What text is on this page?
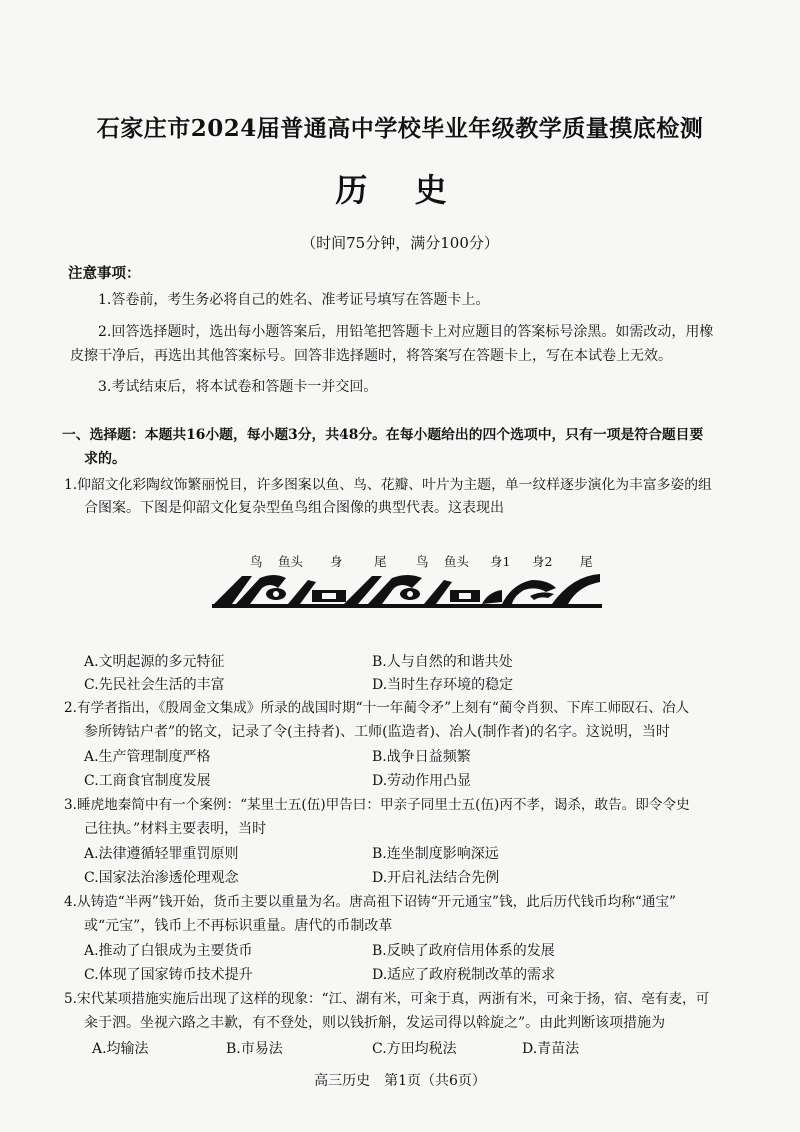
石家庄市2024届普通高中学校毕业年级教学质量摸底检测
历 史
（时间75分钟，满分100分）
注意事项：
1.答卷前，考生务必将自己的姓名、准考证号填写在答题卡上。
2.回答选择题时，选出每小题答案后，用铅笔把答题卡上对应题目的答案标号涂黑。如需改动，用橡
皮擦干净后，再选出其他答案标号。回答非选择题时，将答案写在答题卡上，写在本试卷上无效。
3.考试结束后，将本试卷和答题卡一并交回。
一、选择题：本题共16小题，每小题3分，共48分。在每小题给出的四个选项中，只有一项是符合题目要
求的。
1.仰韶文化彩陶纹饰繁丽悦目，许多图案以鱼、鸟、花瓣、叶片为主题，单一纹样逐步演化为丰富多姿的组
合图案。下图是仰韶文化复杂型鱼鸟组合图像的典型代表。这表现出
鸟 鱼头 身	尾 鸟 鱼头 身1 身2 尾
A.文明起源的多元特征	B.人与自然的和谐共处
C.先民社会生活的丰富	D.当时生存环境的稳定
2.有学者指出，《殷周金文集成》所录的战国时期“十一年蔺令矛”上刻有“蔺令肖狈、下库工师臤石、冶人
参所铸钴户者”的铭文，记录了令(主持者)、工师(监造者)、冶人(制作者)的名字。这说明，当时
A.生产管理制度严格	B.战争日益频繁
C.工商食官制度发展	D.劳动作用凸显
3.睡虎地秦简中有一个案例：“某里士五(伍)甲告曰：甲亲子同里士五(伍)丙不孝，谒杀，敢告。即令令史
己往执。”材料主要表明，当时
A.法律遵循轻罪重罚原则	B.连坐制度影响深远
C.国家法治渗透伦理观念	D.开启礼法结合先例
4.从铸造“半两”钱开始，货币主要以重量为名。唐高祖下诏铸“开元通宝”钱，此后历代钱币均称“通宝”
或“元宝”，钱币上不再标识重量。唐代的币制改革
A.推动了白银成为主要货币	B.反映了政府信用体系的发展
C.体现了国家铸币技术提升	D.适应了政府税制改革的需求
5.宋代某项措施实施后出现了这样的现象：“江、湖有米，可籴于真，两浙有米，可籴于扬，宿、亳有麦，可
籴于泗。坐视六路之丰歉，有不登处，则以钱折斛，发运司得以斡旋之”。由此判断该项措施为
A.均输法	B.市易法	C.方田均税法	D.青苗法
高三历史　第1页（共6页）
